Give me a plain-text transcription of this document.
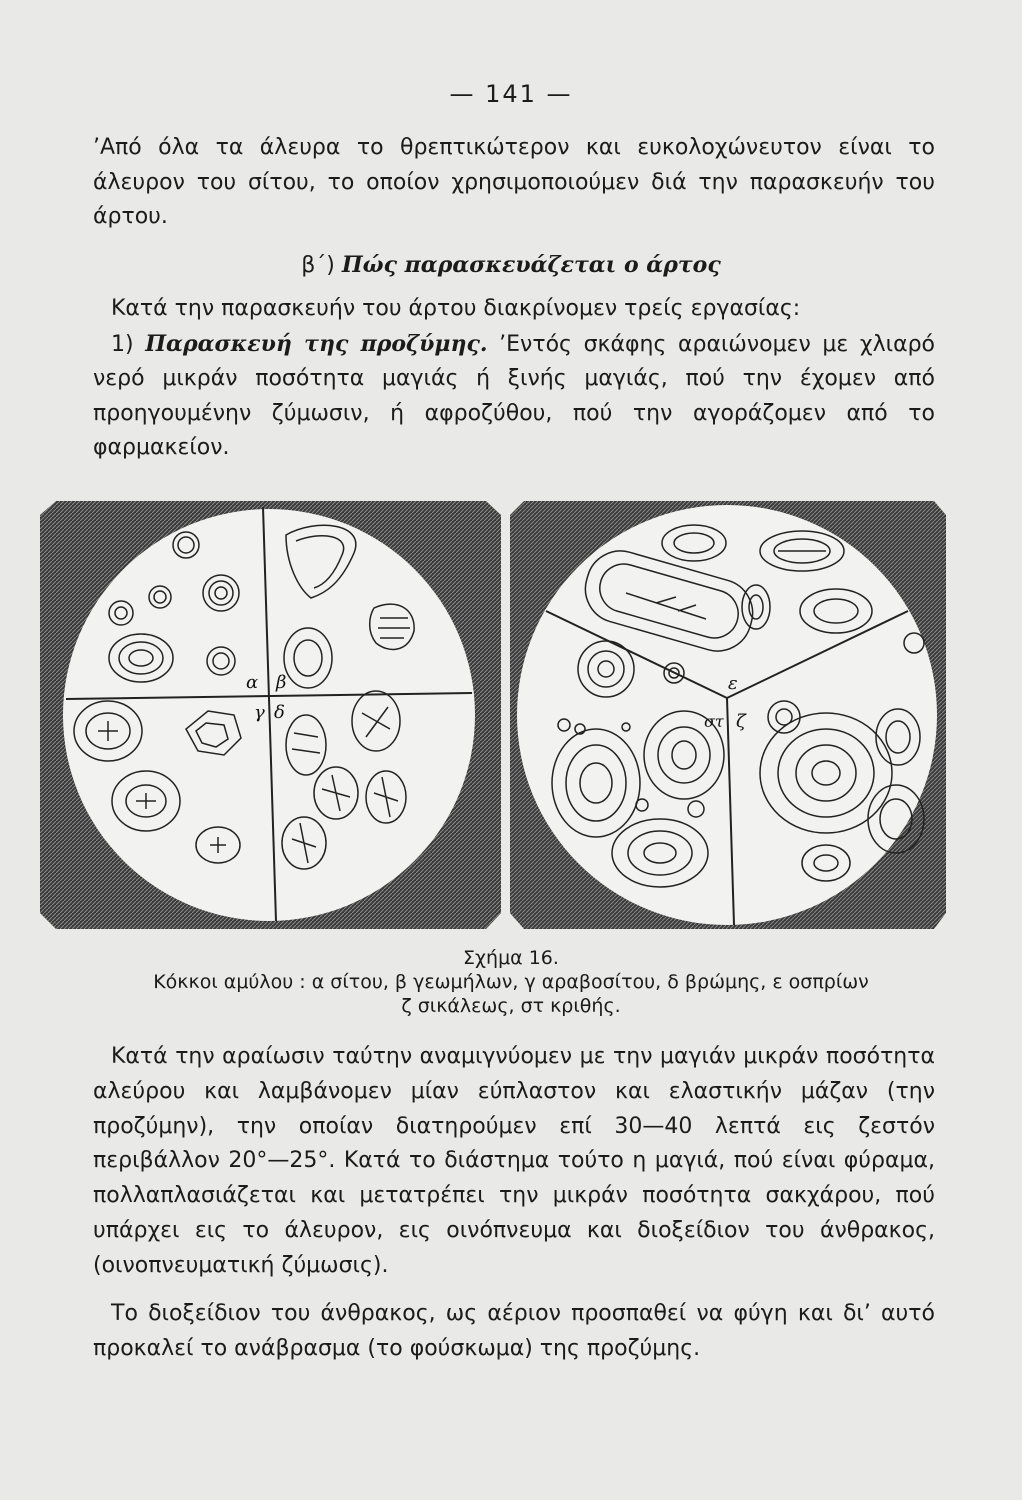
— 141 —
’Από όλα τα άλευρα το θρεπτικώτερον και ευκολοχώνευτον είναι το άλευρον του σίτου, το οποίον χρησιμοποιούμεν διά την παρασκευήν του άρτου.
β΄) Πώς παρασκευάζεται ο άρτος
Κατά την παρασκευήν του άρτου διακρίνομεν τρείς εργασίας:
1) Παρασκευή της προζύμης. ’Εντός σκάφης αραιώνομεν με χλιαρό νερό μικράν ποσότητα μαγιάς ή ξινής μαγιάς, πού την έχομεν από προηγουμένην ζύμωσιν, ή αφροζύθου, πού την αγοράζομεν από το φαρμακείον.
α β
γ δ
ε
στ ζ
Σχήμα 16.
Κόκκοι αμύλου : α σίτου, β γεωμήλων, γ αραβοσίτου, δ βρώμης, ε οσπρίων
ζ σικάλεως, στ κριθής.
Κατά την αραίωσιν ταύτην αναμιγνύομεν με την μαγιάν μικράν ποσότητα αλεύρου και λαμβάνομεν μίαν εύπλαστον και ελαστικήν μάζαν (την προζύμην), την οποίαν διατηρούμεν επί 30—40 λεπτά εις ζεστόν περιβάλλον 20°—25°. Κατά το διάστημα τούτο η μαγιά, πού είναι φύραμα, πολλαπλασιάζεται και μετατρέπει την μικράν ποσότητα σακχάρου, πού υπάρχει εις το άλευρον, εις οινόπνευμα και διοξείδιον του άνθρακος, (οινοπνευματική ζύμωσις).
Το διοξείδιον του άνθρακος, ως αέριον προσπαθεί να φύγη και δι’ αυτό προκαλεί το ανάβρασμα (το φούσκωμα) της προζύμης.
